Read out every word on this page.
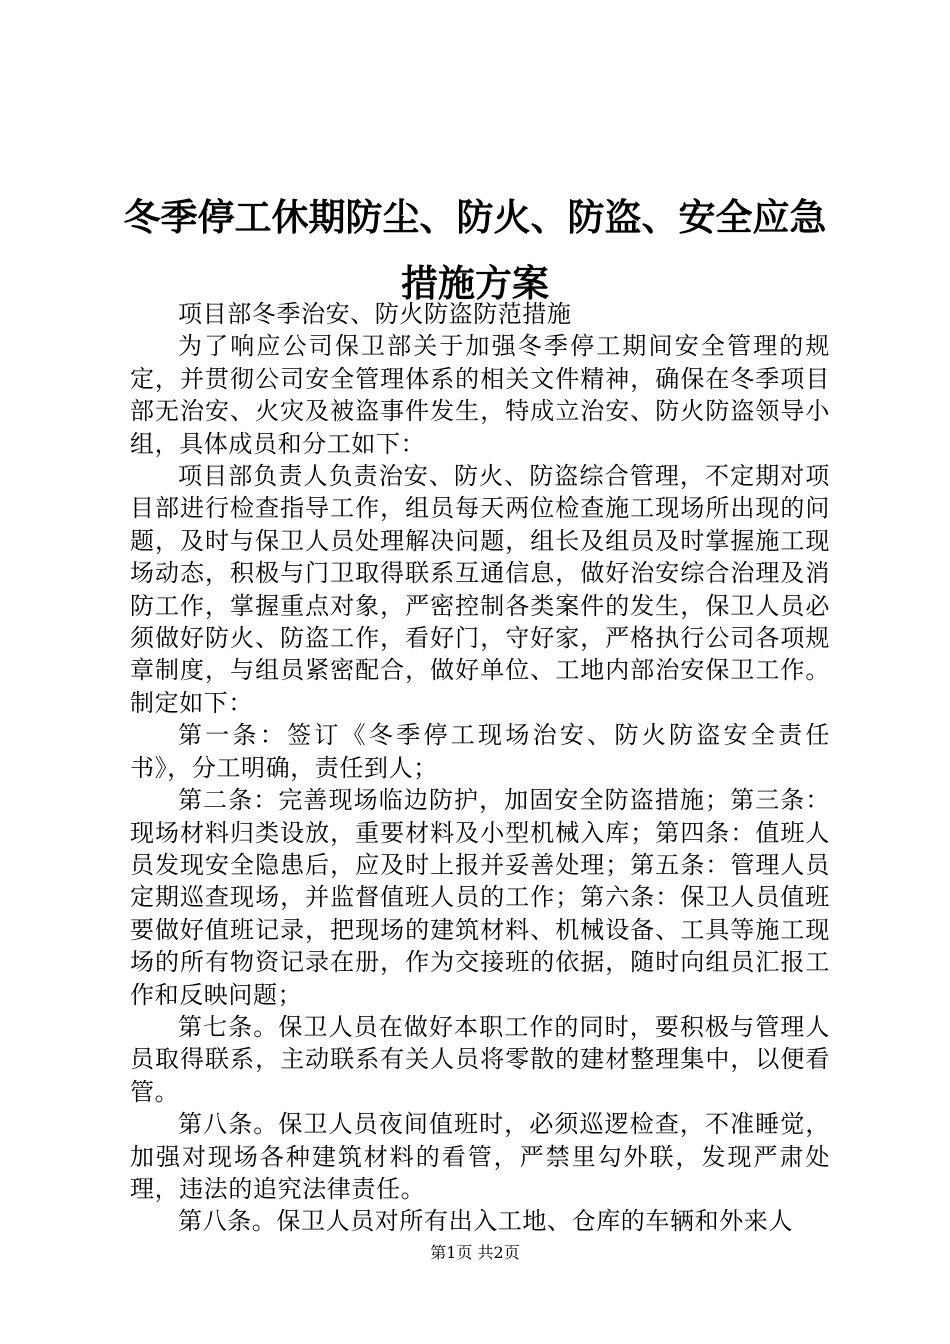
冬季停工休期防尘、防火、防盗、安全应急措施方案

项目部冬季治安、防火防盗防范措施

为了响应公司保卫部关于加强冬季停工期间安全管理的规定，并贯彻公司安全管理体系的相关文件精神，确保在冬季项目部无治安、火灾及被盗事件发生，特成立治安、防火防盗领导小组，具体成员和分工如下：

项目部负责人负责治安、防火、防盗综合管理，不定期对项目部进行检查指导工作，组员每天两位检查施工现场所出现的问题，及时与保卫人员处理解决问题，组长及组员及时掌握施工现场动态，积极与门卫取得联系互通信息，做好治安综合治理及消防工作，掌握重点对象，严密控制各类案件的发生，保卫人员必须做好防火、防盗工作，看好门，守好家，严格执行公司各项规章制度，与组员紧密配合，做好单位、工地内部治安保卫工作。制定如下：

第一条：签订《冬季停工现场治安、防火防盗安全责任书》，分工明确，责任到人；

第二条：完善现场临边防护，加固安全防盗措施；第三条：现场材料归类设放，重要材料及小型机械入库；第四条：值班人员发现安全隐患后，应及时上报并妥善处理；第五条：管理人员定期巡查现场，并监督值班人员的工作；第六条：保卫人员值班要做好值班记录，把现场的建筑材料、机械设备、工具等施工现场的所有物资记录在册，作为交接班的依据，随时向组员汇报工作和反映问题；

第七条。保卫人员在做好本职工作的同时，要积极与管理人员取得联系，主动联系有关人员将零散的建材整理集中，以便看管。

第八条。保卫人员夜间值班时，必须巡逻检查，不准睡觉，加强对现场各种建筑材料的看管，严禁里勾外联，发现严肃处理，违法的追究法律责任。

第八条。保卫人员对所有出入工地、仓库的车辆和外来人

第1页 共2页
